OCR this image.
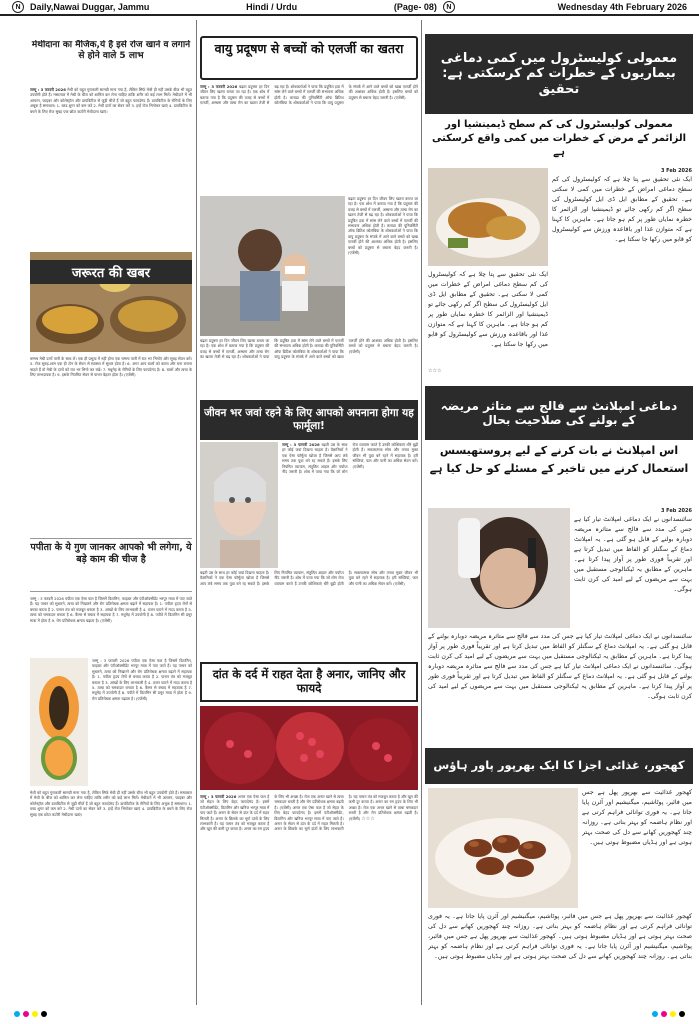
N	Daily,Nawai Duggar, Jammu	Hindi / Urdu	(Page- 08)	N	Wednesday 4th February 2026
मेथीदाना का मैजिक,ये है इसे रोज खाने व लगाने से होने वाले 5 लाभ
जम्मू : 3 फरवरी 2026 मेथी को बहुत गुणकारी सामग्री माना गया है, लेकिन सिर्फ मेथी ही नहीं उसके बीज भी बहुत उपयोगी होते हैं। मसालाल में मेथी के बीज को शामिल कर लेना चाहिए ताकि शरीर को कई लाभ मिलें। मेथीदाने में भी आयरन, फाइबर और कोलेस्ट्रॉल और डायबिटीज से जुड़ी चीजें हैं जो बहुत फायदेमंद हैं। डायबिटीज के रोगियों के लिए अचूक है समाधान। 1. ब्लड शुगर को कम करे 2. मेथी दानों का सेवन करें 3. इन्हें रोज भिगोकर खाएं 4. डायबिटीज के बचने के लिए रोज सुबह एक छोटा कटोरी मेथीदाना खाएं।
जरूरत की खबर
चम्मच मेथी दानों पानी के साथ लें। एक ही प्रभुत्व में नहीं होगा एक चम्मच पानी में रात भर भिगोएं और सुबह सेवन करें। 5. रोज सुबह-शाम एक ही टोन के सेवन से स्वास्थ्य में सुधार होता है। 6. अगर आप बालों को काला और घना बनाना चाहते हैं तो मेथी के दानों को रात भर भिगो कर रखें। 7. मधुमेह के रोगियों के लिए फायदेमंद है। 8. बालों और त्वचा के लिए लाभदायक है। 9. इसके नियमित सेवन से पाचन बेहतर होता है। (एजेंसी)
पपीता के ये गुण जानकर आपको भी लगेगा, ये बड़े काम की चीज है
जम्मू : 3 फरवरी 2026 पपीता एक ऐसा फल है जिसमें विटामिन, फाइबर और एंटीऑक्सीडेंट भरपूर मात्रा में पाए जाते हैं। यह पाचन को सुधारने, त्वचा को निखारने और रोग प्रतिरोधक क्षमता बढ़ाने में सहायक है। 1. पपीता हृदय रोगों से बचाव करता है 2. पाचन तंत्र को मजबूत बनाता है 3. आंखों के लिए लाभकारी है 4. वजन घटाने में मदद करता है 5. त्वचा को चमकदार बनाता है 6. कैंसर से बचाव में सहायक है 7. मधुमेह में उपयोगी है 8. पपीते में विटामिन सी प्रचुर मात्रा में होता है 9. रोग प्रतिरोधक क्षमता बढ़ाता है। (एजेंसी)
जम्मू : 3 फरवरी 2026 पपीता एक ऐसा फल है जिसमें विटामिन, फाइबर और एंटीऑक्सीडेंट भरपूर मात्रा में पाए जाते हैं। यह पाचन को सुधारने, त्वचा को निखारने और रोग प्रतिरोधक क्षमता बढ़ाने में सहायक है। 1. पपीता हृदय रोगों से बचाव करता है 2. पाचन तंत्र को मजबूत बनाता है 3. आंखों के लिए लाभकारी है 4. वजन घटाने में मदद करता है 5. त्वचा को चमकदार बनाता है 6. कैंसर से बचाव में सहायक है 7. मधुमेह में उपयोगी है 8. पपीते में विटामिन सी प्रचुर मात्रा में होता है 9. रोग प्रतिरोधक क्षमता बढ़ाता है। (एजेंसी)
मेथी को बहुत गुणकारी सामग्री माना गया है, लेकिन सिर्फ मेथी ही नहीं उसके बीज भी बहुत उपयोगी होते हैं। मसालाल में मेथी के बीज को शामिल कर लेना चाहिए ताकि शरीर को कई लाभ मिलें। मेथीदाने में भी आयरन, फाइबर और कोलेस्ट्रॉल और डायबिटीज से जुड़ी चीजें हैं जो बहुत फायदेमंद हैं। डायबिटीज के रोगियों के लिए अचूक है समाधान। 1. ब्लड शुगर को कम करे 2. मेथी दानों का सेवन करें 3. इन्हें रोज भिगोकर खाएं 4. डायबिटीज के बचने के लिए रोज सुबह एक छोटा कटोरी मेथीदाना खाएं।
वायु प्रदूषण से बच्चों को एलर्जी का खतरा
जम्मू : 3 फरवरी 2026 बढ़ता प्रदूषण हर दिन जीवन लिए खतरा बनता जा रहा है। एक शोध में बताया गया है कि प्रदूषण की वजह से बच्चों में एलर्जी, अस्थमा और त्वचा रोग का खतरा तेजी से बढ़ रहा है। शोधकर्ताओं ने पाया कि प्रदूषित हवा में सांस लेने वाले बच्चों में एलर्जी की संभावना अधिक होती है। कनाडा की यूनिवर्सिटी ऑफ ब्रिटिश कोलंबिया के शोधकर्ताओं ने पाया कि वायु प्रदूषण के संपर्क में आने वाले बच्चों को खाद्य एलर्जी होने की आशंका अधिक होती है। इसलिए बच्चों को प्रदूषण से बचाना बेहद जरूरी है। (एजेंसी)
बढ़ता प्रदूषण हर दिन जीवन लिए खतरा बनता जा रहा है। एक शोध में बताया गया है कि प्रदूषण की वजह से बच्चों में एलर्जी, अस्थमा और त्वचा रोग का खतरा तेजी से बढ़ रहा है। शोधकर्ताओं ने पाया कि प्रदूषित हवा में सांस लेने वाले बच्चों में एलर्जी की संभावना अधिक होती है। कनाडा की यूनिवर्सिटी ऑफ ब्रिटिश कोलंबिया के शोधकर्ताओं ने पाया कि वायु प्रदूषण के संपर्क में आने वाले बच्चों को खाद्य एलर्जी होने की आशंका अधिक होती है। इसलिए बच्चों को प्रदूषण से बचाना बेहद जरूरी है। (एजेंसी)
बढ़ता प्रदूषण हर दिन जीवन लिए खतरा बनता जा रहा है। एक शोध में बताया गया है कि प्रदूषण की वजह से बच्चों में एलर्जी, अस्थमा और त्वचा रोग का खतरा तेजी से बढ़ रहा है। शोधकर्ताओं ने पाया कि प्रदूषित हवा में सांस लेने वाले बच्चों में एलर्जी की संभावना अधिक होती है। कनाडा की यूनिवर्सिटी ऑफ ब्रिटिश कोलंबिया के शोधकर्ताओं ने पाया कि वायु प्रदूषण के संपर्क में आने वाले बच्चों को खाद्य एलर्जी होने की आशंका अधिक होती है। इसलिए बच्चों को प्रदूषण से बचाना बेहद जरूरी है। (एजेंसी)
जीवन भर जवां रहने के लिए आपको अपनाना होगा यह फार्मूला!
जम्मू : 3 फरवरी 2026 बढ़ती उम्र के साथ हर कोई जवां दिखना चाहता है। वैज्ञानिकों ने एक ऐसा फॉर्मूला खोजा है जिससे आप लंबे समय तक युवा बने रह सकते हैं। इसके लिए नियमित व्यायाम, संतुलित आहार और पर्याप्त नींद जरूरी है। शोध में पाया गया कि जो लोग रोज व्यायाम करते हैं उनकी कोशिकाएं धीरे बूढ़ी होती हैं। सकारात्मक सोच और तनाव मुक्त जीवन भी युवा बने रहने में सहायक है। हरी सब्जियां, फल और पानी का अधिक सेवन करें। (एजेंसी)
बढ़ती उम्र के साथ हर कोई जवां दिखना चाहता है। वैज्ञानिकों ने एक ऐसा फॉर्मूला खोजा है जिससे आप लंबे समय तक युवा बने रह सकते हैं। इसके लिए नियमित व्यायाम, संतुलित आहार और पर्याप्त नींद जरूरी है। शोध में पाया गया कि जो लोग रोज व्यायाम करते हैं उनकी कोशिकाएं धीरे बूढ़ी होती हैं। सकारात्मक सोच और तनाव मुक्त जीवन भी युवा बने रहने में सहायक है। हरी सब्जियां, फल और पानी का अधिक सेवन करें। (एजेंसी)
दांत के दर्द में राहत देता है अनार, जानिए और फायदे
जम्मू : 3 फरवरी 2026 अनार एक ऐसा फल है जो सेहत के लिए बेहद फायदेमंद है। इसमें एंटीऑक्सीडेंट, विटामिन और खनिज भरपूर मात्रा में पाए जाते हैं। अनार के सेवन से दांत के दर्द में राहत मिलती है। अनार के छिलके का चूर्ण दांतों के लिए लाभकारी है। यह पाचन तंत्र को मजबूत करता है और खून की कमी दूर करता है। अनार का रस हृदय के लिए भी अच्छा है। रोज एक अनार खाने से त्वचा चमकदार बनती है और रोग प्रतिरोधक क्षमता बढ़ती है। (एजेंसी) अनार एक ऐसा फल है जो सेहत के लिए बेहद फायदेमंद है। इसमें एंटीऑक्सीडेंट, विटामिन और खनिज भरपूर मात्रा में पाए जाते हैं। अनार के सेवन से दांत के दर्द में राहत मिलती है। अनार के छिलके का चूर्ण दांतों के लिए लाभकारी है। यह पाचन तंत्र को मजबूत करता है और खून की कमी दूर करता है। अनार का रस हृदय के लिए भी अच्छा है। रोज एक अनार खाने से त्वचा चमकदार बनती है और रोग प्रतिरोधक क्षमता बढ़ती है। (एजेंसी) ☆☆☆
معمولی کولیسٹرول میں کمی دماغی بیماریوں کے خطرات کم کرسکتی ہے: تحقیق
معمولی کولیسٹرول کی کم سطح ڈیمینشیا اور الزائمر کے مرض کے خطرات میں کمی واقع کرسکتی ہے
3 Feb 2026
ایک نئی تحقیق سے پتا چلا ہے کہ کولیسٹرول کی کم سطح دماغی امراض کے خطرات میں کمی لا سکتی ہے۔ تحقیق کے مطابق ایل ڈی ایل کولیسٹرول کی سطح اگر کم رکھی جائے تو ڈیمینشیا اور الزائمر کا خطرہ نمایاں طور پر کم ہو جاتا ہے۔ ماہرین کا کہنا ہے کہ متوازن غذا اور باقاعدہ ورزش سے کولیسٹرول کو قابو میں رکھا جا سکتا ہے۔
ایک نئی تحقیق سے پتا چلا ہے کہ کولیسٹرول کی کم سطح دماغی امراض کے خطرات میں کمی لا سکتی ہے۔ تحقیق کے مطابق ایل ڈی ایل کولیسٹرول کی سطح اگر کم رکھی جائے تو ڈیمینشیا اور الزائمر کا خطرہ نمایاں طور پر کم ہو جاتا ہے۔ ماہرین کا کہنا ہے کہ متوازن غذا اور باقاعدہ ورزش سے کولیسٹرول کو قابو میں رکھا جا سکتا ہے۔
☆☆☆
دماغی امپلانٹ سے فالج سے متاثر مریضہ کے بولنے کی صلاحیت بحال
اس امپلانٹ نے بات کرنے کے لیے پروستھیسس استعمال کرنے میں تاخیر کے مسئلے کو حل کیا ہے
3 Feb 2026
سائنسدانوں نے ایک دماغی امپلانٹ تیار کیا ہے جس کی مدد سے فالج سے متاثرہ مریضہ دوبارہ بولنے کے قابل ہو گئی ہے۔ یہ امپلانٹ دماغ کے سگنلز کو الفاظ میں تبدیل کرتا ہے اور تقریباً فوری طور پر آواز پیدا کرتا ہے۔ ماہرین کے مطابق یہ ٹیکنالوجی مستقبل میں بہت سے مریضوں کے لیے امید کی کرن ثابت ہوگی۔
سائنسدانوں نے ایک دماغی امپلانٹ تیار کیا ہے جس کی مدد سے فالج سے متاثرہ مریضہ دوبارہ بولنے کے قابل ہو گئی ہے۔ یہ امپلانٹ دماغ کے سگنلز کو الفاظ میں تبدیل کرتا ہے اور تقریباً فوری طور پر آواز پیدا کرتا ہے۔ ماہرین کے مطابق یہ ٹیکنالوجی مستقبل میں بہت سے مریضوں کے لیے امید کی کرن ثابت ہوگی۔ سائنسدانوں نے ایک دماغی امپلانٹ تیار کیا ہے جس کی مدد سے فالج سے متاثرہ مریضہ دوبارہ بولنے کے قابل ہو گئی ہے۔ یہ امپلانٹ دماغ کے سگنلز کو الفاظ میں تبدیل کرتا ہے اور تقریباً فوری طور پر آواز پیدا کرتا ہے۔ ماہرین کے مطابق یہ ٹیکنالوجی مستقبل میں بہت سے مریضوں کے لیے امید کی کرن ثابت ہوگی۔
کھجور، غذائی اجزا کا ایک بھرپور پاور ہاؤس
کھجور غذائیت سے بھرپور پھل ہے جس میں فائبر، پوٹاشیم، میگنیشیم اور آئرن پایا جاتا ہے۔ یہ فوری توانائی فراہم کرتی ہے اور نظام ہاضمہ کو بہتر بناتی ہے۔ روزانہ چند کھجوریں کھانے سے دل کی صحت بہتر ہوتی ہے اور ہڈیاں مضبوط ہوتی ہیں۔
کھجور غذائیت سے بھرپور پھل ہے جس میں فائبر، پوٹاشیم، میگنیشیم اور آئرن پایا جاتا ہے۔ یہ فوری توانائی فراہم کرتی ہے اور نظام ہاضمہ کو بہتر بناتی ہے۔ روزانہ چند کھجوریں کھانے سے دل کی صحت بہتر ہوتی ہے اور ہڈیاں مضبوط ہوتی ہیں۔ کھجور غذائیت سے بھرپور پھل ہے جس میں فائبر، پوٹاشیم، میگنیشیم اور آئرن پایا جاتا ہے۔ یہ فوری توانائی فراہم کرتی ہے اور نظام ہاضمہ کو بہتر بناتی ہے۔ روزانہ چند کھجوریں کھانے سے دل کی صحت بہتر ہوتی ہے اور ہڈیاں مضبوط ہوتی ہیں۔
